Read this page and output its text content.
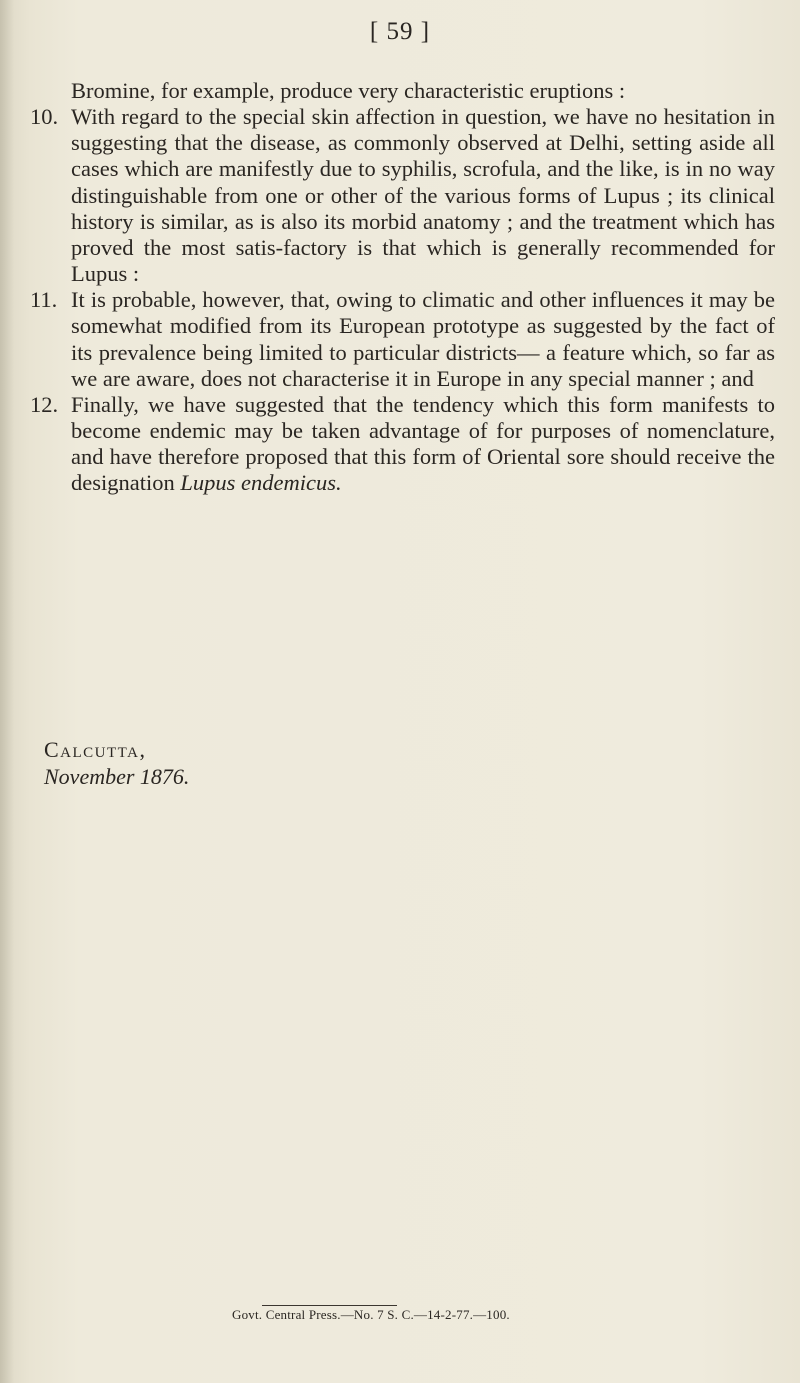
[ 59 ]
Bromine, for example, produce very characteristic eruptions :
10. With regard to the special skin affection in question, we have no hesitation in suggesting that the disease, as commonly observed at Delhi, setting aside all cases which are manifestly due to syphilis, scrofula, and the like, is in no way distinguishable from one or other of the various forms of Lupus ; its clinical history is similar, as is also its morbid anatomy ; and the treatment which has proved the most satis-factory is that which is generally recommended for Lupus :
11. It is probable, however, that, owing to climatic and other influences it may be somewhat modified from its European prototype as suggested by the fact of its prevalence being limited to particular districts— a feature which, so far as we are aware, does not characterise it in Europe in any special manner ; and
12. Finally, we have suggested that the tendency which this form manifests to become endemic may be taken advantage of for purposes of nomenclature, and have therefore proposed that this form of Oriental sore should receive the designation Lupus endemicus.
Calcutta,
November 1876.
Govt. Central Press.—No. 7 S. C.—14-2-77.—100.
